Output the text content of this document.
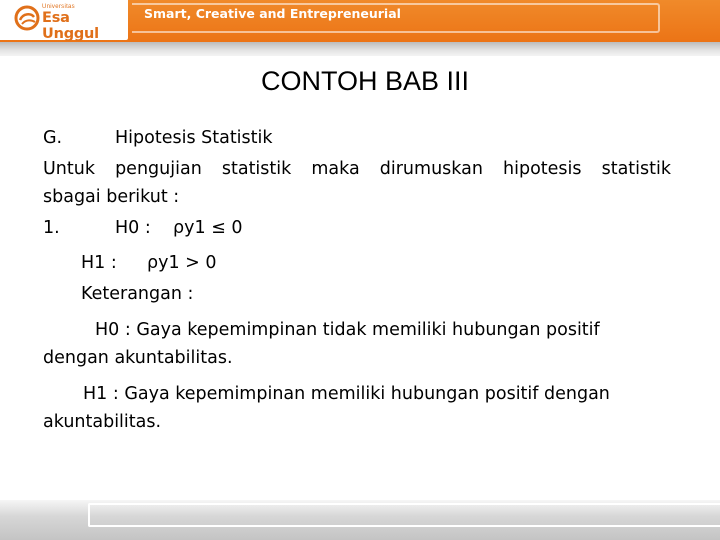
Universitas
Esa Unggul
Smart, Creative and Entrepreneurial
CONTOH BAB III
G.	Hipotesis Statistik
Untuk pengujian statistik maka dirumuskan hipotesis statistik
sbagai berikut :
1.	H0 : ρy1 ≤ 0
H1 : ρy1 > 0
Keterangan :
H0 : Gaya kepemimpinan tidak memiliki hubungan positif
dengan akuntabilitas.
H1 : Gaya kepemimpinan memiliki hubungan positif dengan
akuntabilitas.
